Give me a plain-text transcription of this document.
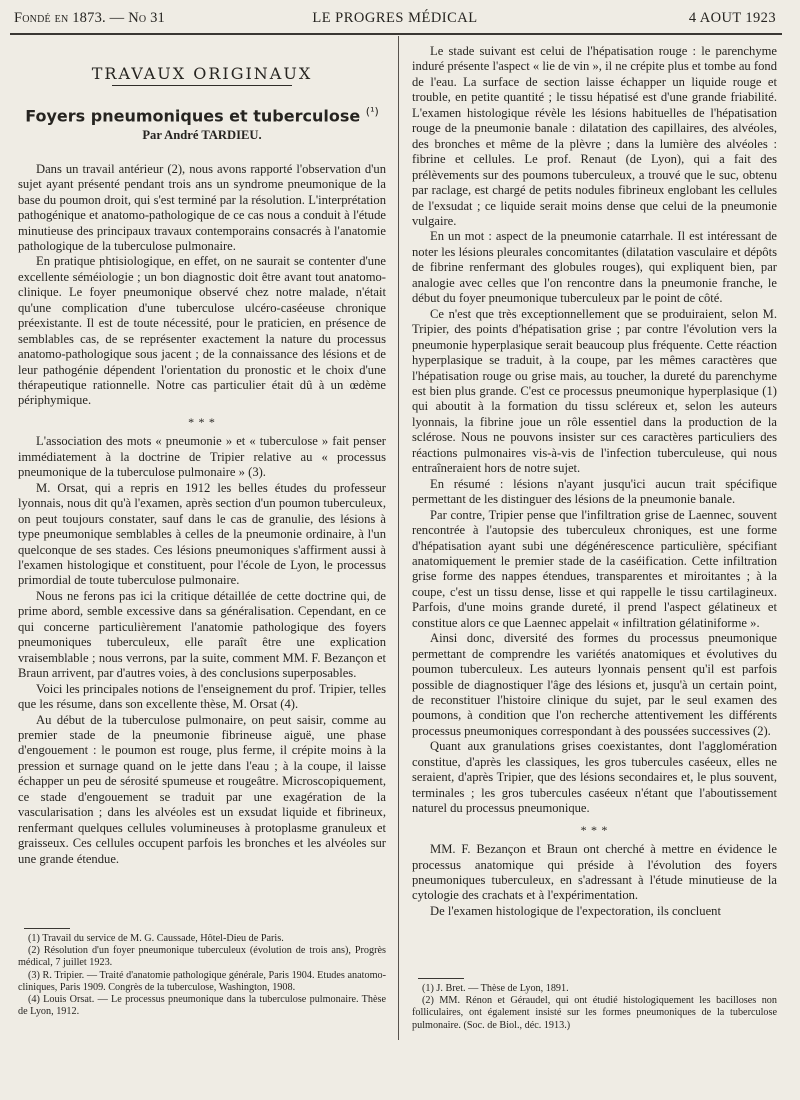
Fondé en 1873. — No 31	LE PROGRES MÉDICAL	4 AOUT 1923
TRAVAUX ORIGINAUX
Foyers pneumoniques et tuberculose $^{(^1)}$
Par André TARDIEU.

Dans un travail antérieur (2), nous avons rapporté l'observation d'un sujet ayant présenté pendant trois ans un syndrome pneumonique de la base du poumon droit, qui s'est terminé par la résolution. L'interprétation pathogénique et anatomo-pathologique de ce cas nous a conduit à l'étude minutieuse des principaux travaux contemporains consacrés à l'anatomie pathologique de la tuberculose pulmonaire.

En pratique phtisiologique, en effet, on ne saurait se contenter d'une excellente séméiologie ; un bon diagnostic doit être avant tout anatomo-clinique. Le foyer pneumonique observé chez notre malade, n'était qu'une complication d'une tuberculose ulcéro-caséeuse chronique préexistante. Il est de toute nécessité, pour le praticien, en présence de semblables cas, de se représenter exactement la nature du processus anatomo-pathologique sous jacent ; de la connaissance des lésions et de leur pathogénie dépendent l'orientation du pronostic et le choix d'une thérapeutique rationnelle. Notre cas particulier était dû à un œdème périphymique.

* * *

L'association des mots « pneumonie » et « tuberculose » fait penser immédiatement à la doctrine de Tripier relative au « processus pneumonique de la tuberculose pulmonaire » (3).

M. Orsat, qui a repris en 1912 les belles études du professeur lyonnais, nous dit qu'à l'examen, après section d'un poumon tuberculeux, on peut toujours constater, sauf dans le cas de granulie, des lésions à type pneumonique semblables à celles de la pneumonie ordinaire, à l'un quelconque de ses stades. Ces lésions pneumoniques s'affirment aussi à l'examen histologique et constituent, pour l'école de Lyon, le processus primordial de toute tuberculose pulmonaire.

Nous ne ferons pas ici la critique détaillée de cette doctrine qui, de prime abord, semble excessive dans sa généralisation. Cependant, en ce qui concerne particulièrement l'anatomie pathologique des foyers pneumoniques tuberculeux, elle paraît être une explication vraisemblable ; nous verrons, par la suite, comment MM. F. Bezançon et Braun arrivent, par d'autres voies, à des conclusions superposables.

Voici les principales notions de l'enseignement du prof. Tripier, telles que les résume, dans son excellente thèse, M. Orsat (4).

Au début de la tuberculose pulmonaire, on peut saisir, comme au premier stade de la pneumonie fibrineuse aiguë, une phase d'engouement : le poumon est rouge, plus ferme, il crépite moins à la pression et surnage quand on le jette dans l'eau ; à la coupe, il laisse échapper un peu de sérosité spumeuse et rougeâtre. Microscopiquement, ce stade d'engouement se traduit par une exagération de la vascularisation ; dans les alvéoles est un exsudat liquide et fibrineux, renfermant quelques cellules volumineuses à protoplasme granuleux et graisseux. Ces cellules occupent parfois les bronches et les alvéoles sur une grande étendue.

(1) Travail du service de M. G. Caussade, Hôtel-Dieu de Paris.

(2) Résolution d'un foyer pneumonique tuberculeux (évolution de trois ans), Progrès médical, 7 juillet 1923.

(3) R. Tripier. — Traité d'anatomie pathologique générale, Paris 1904. Etudes anatomo-cliniques, Paris 1909. Congrès de la tuberculose, Washington, 1908.

(4) Louis Orsat. — Le processus pneumonique dans la tuberculose pulmonaire. Thèse de Lyon, 1912.

Le stade suivant est celui de l'hépatisation rouge : le parenchyme induré présente l'aspect « lie de vin », il ne crépite plus et tombe au fond de l'eau. La surface de section laisse échapper un liquide rouge et trouble, en petite quantité ; le tissu hépatisé est d'une grande friabilité. L'examen histologique révèle les lésions habituelles de l'hépatisation rouge de la pneumonie banale : dilatation des capillaires, des alvéoles, des bronches et même de la plèvre ; dans la lumière des alvéoles : fibrine et cellules. Le prof. Renaut (de Lyon), qui a fait des prélèvements sur des poumons tuberculeux, a trouvé que le suc, obtenu par raclage, est chargé de petits nodules fibrineux englobant les cellules de l'exsudat ; ce liquide serait moins dense que celui de la pneumonie vulgaire.

En un mot : aspect de la pneumonie catarrhale. Il est intéressant de noter les lésions pleurales concomitantes (dilatation vasculaire et dépôts de fibrine renfermant des globules rouges), qui expliquent bien, par analogie avec celles que l'on rencontre dans la pneumonie franche, le début du foyer pneumonique tuberculeux par le point de côté.

Ce n'est que très exceptionnellement que se produiraient, selon M. Tripier, des points d'hépatisation grise ; par contre l'évolution vers la pneumonie hyperplasique serait beaucoup plus fréquente. Cette réaction hyperplasique se traduit, à la coupe, par les mêmes caractères que l'hépatisation rouge ou grise mais, au toucher, la dureté du parenchyme est bien plus grande. C'est ce processus pneumonique hyperplasique (1) qui aboutit à la formation du tissu scléreux et, selon les auteurs lyonnais, la fibrine joue un rôle essentiel dans la production de la sclérose. Nous ne pouvons insister sur ces caractères particuliers des réactions pulmonaires vis-à-vis de l'infection tuberculeuse, qui nous entraîneraient hors de notre sujet.

En résumé : lésions n'ayant jusqu'ici aucun trait spécifique permettant de les distinguer des lésions de la pneumonie banale.

Par contre, Tripier pense que l'infiltration grise de Laennec, souvent rencontrée à l'autopsie des tuberculeux chroniques, est une forme d'hépatisation ayant subi une dégénérescence particulière, spécifiant anatomiquement le premier stade de la caséification. Cette infiltration grise forme des nappes étendues, transparentes et miroitantes ; à la coupe, c'est un tissu dense, lisse et qui rappelle le tissu cartilagineux. Parfois, d'une moins grande dureté, il prend l'aspect gélatineux et constitue alors ce que Laennec appelait « infiltration gélatiniforme ».

Ainsi donc, diversité des formes du processus pneumonique permettant de comprendre les variétés anatomiques et évolutives du poumon tuberculeux. Les auteurs lyonnais pensent qu'il est parfois possible de diagnostiquer l'âge des lésions et, jusqu'à un certain point, de reconstituer l'histoire clinique du sujet, par le seul examen des poumons, à condition que l'on recherche attentivement les différents processus pneumoniques correspondant à des poussées successives (2).

Quant aux granulations grises coexistantes, dont l'agglomération constitue, d'après les classiques, les gros tubercules caséeux, elles ne seraient, d'après Tripier, que des lésions secondaires et, le plus souvent, terminales ; les gros tubercules caséeux n'étant que l'aboutissement naturel du processus pneumonique.

* * *

MM. F. Bezançon et Braun ont cherché à mettre en évidence le processus anatomique qui préside à l'évolution des foyers pneumoniques tuberculeux, en s'adressant à l'étude minutieuse de la cytologie des crachats et à l'expérimentation.

De l'examen histologique de l'expectoration, ils concluent

(1) J. Bret. — Thèse de Lyon, 1891.

(2) MM. Rénon et Géraudel, qui ont étudié histologiquement les bacilloses non folliculaires, ont également insisté sur les formes pneumoniques de la tuberculose pulmonaire. (Soc. de Biol., déc. 1913.)
